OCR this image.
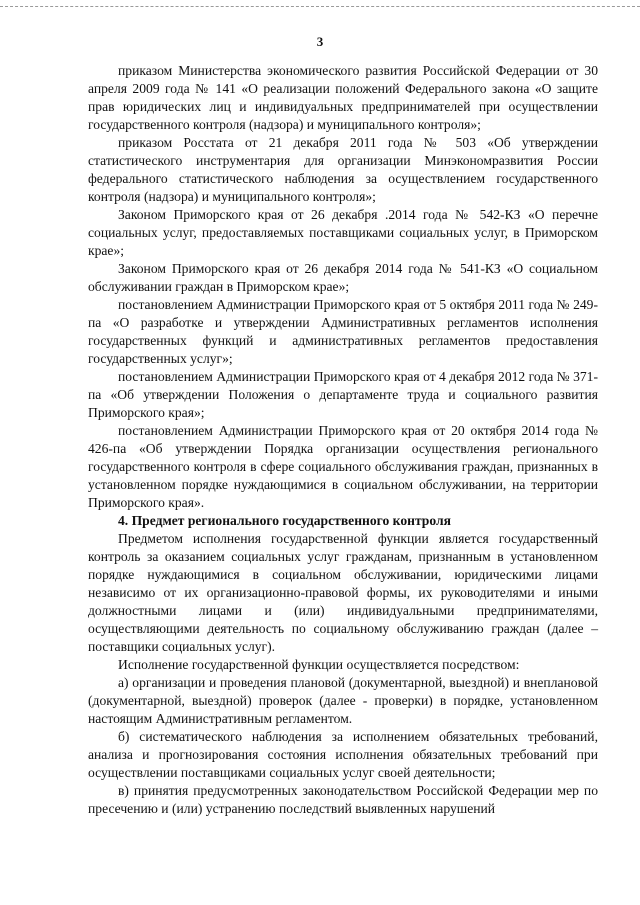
3

приказом Министерства экономического развития Российской Федерации от 30 апреля 2009 года № 141 «О реализации положений Федерального закона «О защите прав юридических лиц и индивидуальных предпринимателей при осуществлении государственного контроля (надзора) и муниципального контроля»;

приказом Росстата от 21 декабря 2011 года № 503 «Об утверждении статистического инструментария для организации Минэкономразвития России федерального статистического наблюдения за осуществлением государственного контроля (надзора) и муниципального контроля»;

Законом Приморского края от 26 декабря .2014 года № 542-КЗ «О перечне социальных услуг, предоставляемых поставщиками социальных услуг, в Приморском крае»;

Законом Приморского края от 26 декабря 2014 года № 541-КЗ «О социальном обслуживании граждан в Приморском крае»;

постановлением Администрации Приморского края от 5 октября 2011 года № 249-па «О разработке и утверждении Административных регламентов исполнения государственных функций и административных регламентов предоставления государственных услуг»;

постановлением Администрации Приморского края от 4 декабря 2012 года № 371-па «Об утверждении Положения о департаменте труда и социального развития Приморского края»;

постановлением Администрации Приморского края от 20 октября 2014 года № 426-па «Об утверждении Порядка организации осуществления регионального государственного контроля в сфере социального обслуживания граждан, признанных в установленном порядке нуждающимися в социальном обслуживании, на территории Приморского края».

4. Предмет регионального государственного контроля

Предметом исполнения государственной функции является государственный контроль за оказанием социальных услуг гражданам, признанным в установленном порядке нуждающимися в социальном обслуживании, юридическими лицами независимо от их организационно-правовой формы, их руководителями и иными должностными лицами и (или) индивидуальными предпринимателями, осуществляющими деятельность по социальному обслуживанию граждан (далее – поставщики социальных услуг).

Исполнение государственной функции осуществляется посредством:

а) организации и проведения плановой (документарной, выездной) и внеплановой (документарной, выездной) проверок (далее - проверки) в порядке, установленном настоящим Административным регламентом.

б) систематического наблюдения за исполнением обязательных требований, анализа и прогнозирования состояния исполнения обязательных требований при осуществлении поставщиками социальных услуг своей деятельности;

в) принятия предусмотренных законодательством Российской Федерации мер по пресечению и (или) устранению последствий выявленных нарушений
